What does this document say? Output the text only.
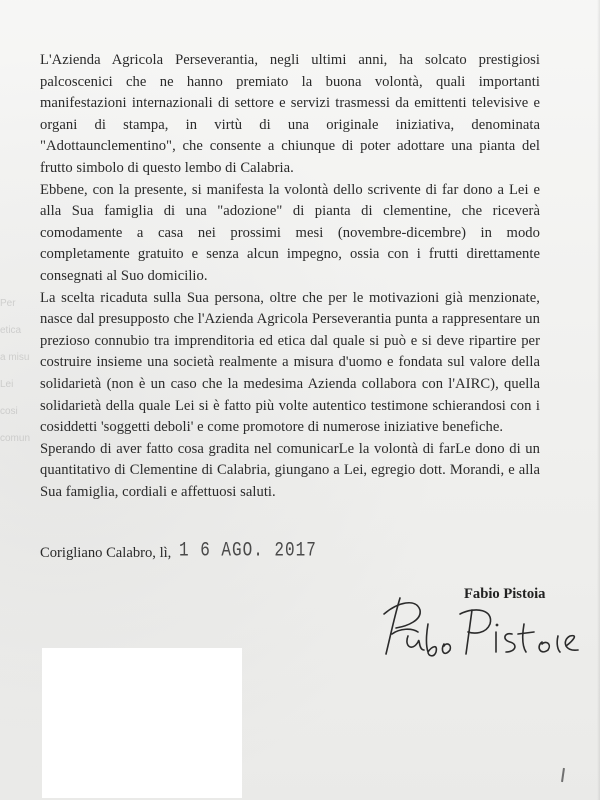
Per
etica
a misu
Lei
cosi
comun

L'Azienda Agricola Perseverantia, negli ultimi anni, ha solcato prestigiosi palcoscenici che ne hanno premiato la buona volontà, quali importanti manifestazioni internazionali di settore e servizi trasmessi da emittenti televisive e organi di stampa, in virtù di una originale iniziativa, denominata "Adottaunclementino", che consente a chiunque di poter adottare una pianta del frutto simbolo di questo lembo di Calabria.

Ebbene, con la presente, si manifesta la volontà dello scrivente di far dono a Lei e alla Sua famiglia di una "adozione" di pianta di clementine, che riceverà comodamente a casa nei prossimi mesi (novembre-dicembre) in modo completamente gratuito e senza alcun impegno, ossia con i frutti direttamente consegnati al Suo domicilio.

La scelta ricaduta sulla Sua persona, oltre che per le motivazioni già menzionate, nasce dal presupposto che l'Azienda Agricola Perseverantia punta a rappresentare un prezioso connubio tra imprenditoria ed etica dal quale si può e si deve ripartire per costruire insieme una società realmente a misura d'uomo e fondata sul valore della solidarietà (non è un caso che la medesima Azienda collabora con l'AIRC), quella solidarietà della quale Lei si è fatto più volte autentico testimone schierandosi con i cosiddetti 'soggetti deboli' e come promotore di numerose iniziative benefiche.

Sperando di aver fatto cosa gradita nel comunicarLe la volontà di farLe dono di un quantitativo di Clementine di Calabria, giungano a Lei, egregio dott. Morandi, e alla Sua famiglia, cordiali e affettuosi saluti.

Corigliano Calabro, lì, 1 6 AGO. 2017
Fabio Pistoia
